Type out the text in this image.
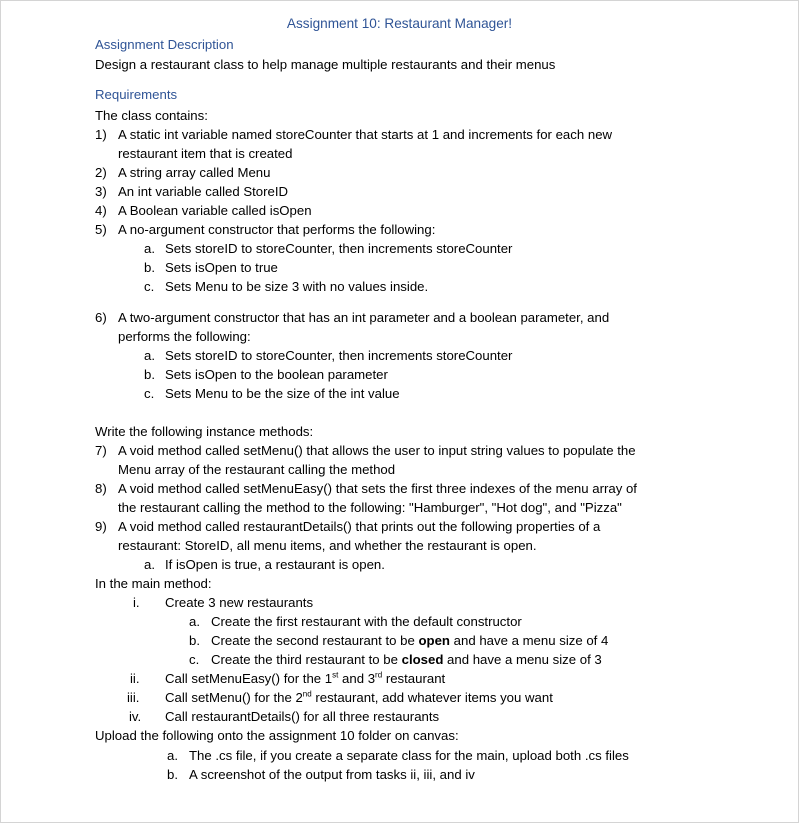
Assignment 10: Restaurant Manager!
Assignment Description
Design a restaurant class to help manage multiple restaurants and their menus
Requirements
The class contains:
1) A static int variable named storeCounter that starts at 1 and increments for each new
restaurant item that is created
2) A string array called Menu
3) An int variable called StoreID
4) A Boolean variable called isOpen
5) A no-argument constructor that performs the following:
a. Sets storeID to storeCounter, then increments storeCounter
b. Sets isOpen to true
c. Sets Menu to be size 3 with no values inside.
6) A two-argument constructor that has an int parameter and a boolean parameter, and
performs the following:
a. Sets storeID to storeCounter, then increments storeCounter
b. Sets isOpen to the boolean parameter
c. Sets Menu to be the size of the int value
Write the following instance methods:
7) A void method called setMenu() that allows the user to input string values to populate the
Menu array of the restaurant calling the method
8) A void method called setMenuEasy() that sets the first three indexes of the menu array of
the restaurant calling the method to the following: "Hamburger", "Hot dog", and "Pizza"
9) A void method called restaurantDetails() that prints out the following properties of a
restaurant: StoreID, all menu items, and whether the restaurant is open.
a. If isOpen is true, a restaurant is open.
In the main method:
i. Create 3 new restaurants
a. Create the first restaurant with the default constructor
b. Create the second restaurant to be open and have a menu size of 4
c. Create the third restaurant to be closed and have a menu size of 3
ii. Call setMenuEasy() for the 1st and 3rd restaurant
iii. Call setMenu() for the 2nd restaurant, add whatever items you want
iv. Call restaurantDetails() for all three restaurants
Upload the following onto the assignment 10 folder on canvas:
a. The .cs file, if you create a separate class for the main, upload both .cs files
b. A screenshot of the output from tasks ii, iii, and iv
